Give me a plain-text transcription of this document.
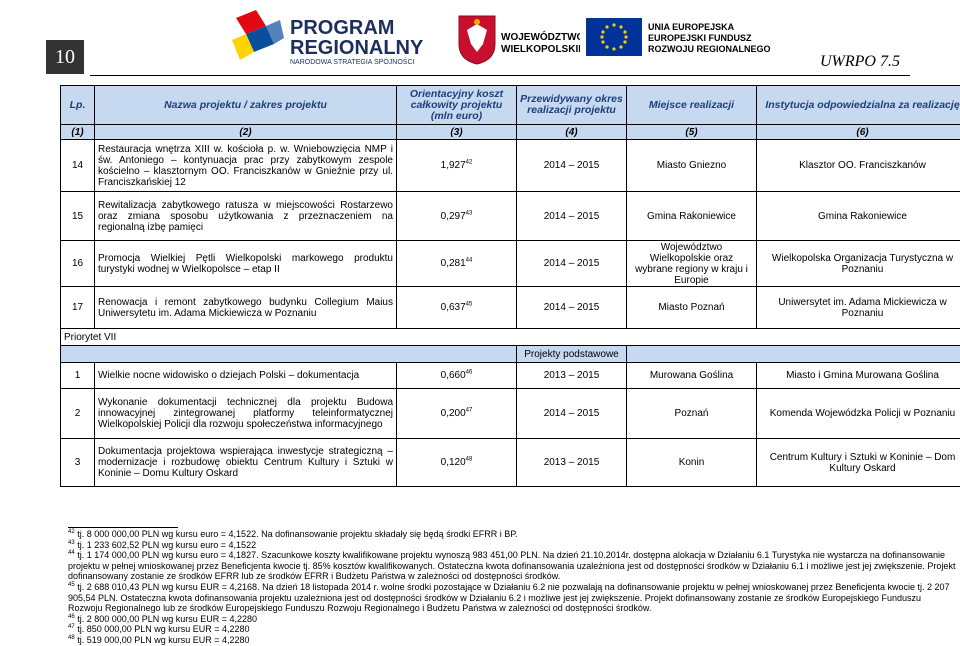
10
PROGRAM
REGIONALNY
NARODOWA STRATEGIA SPÓJNOŚCI
WOJEWÓDZTWO
WIELKOPOLSKIE
UNIA EUROPEJSKA
EUROPEJSKI FUNDUSZ
ROZWOJU REGIONALNEGO
UWRPO 7.5
Lp.	Nazwa projektu / zakres projektu	Orientacyjny koszt całkowity projektu (mln euro)	Przewidywany okres realizacji projektu	Miejsce realizacji	Instytucja odpowiedzialna za realizację
(1)	(2)	(3)	(4)	(5)	(6)
14	Restauracja wnętrza XIII w. kościoła p. w. Wniebowzięcia NMP i św. Antoniego – kontynuacja prac przy zabytkowym zespole kościelno – klasztornym OO. Franciszkanów w Gnieźnie przy ul. Franciszkańskiej 12	1,927$^{42}$	2014 – 2015	Miasto Gniezno	Klasztor OO. Franciszkanów
15	Rewitalizacja zabytkowego ratusza w miejscowości Rostarzewo oraz zmiana sposobu użytkowania z przeznaczeniem na regionalną izbę pamięci	0,297$^{43}$	2014 – 2015	Gmina Rakoniewice	Gmina Rakoniewice
16	Promocja Wielkiej Pętli Wielkopolski markowego produktu turystyki wodnej w Wielkopolsce – etap II	0,281$^{44}$	2014 – 2015	Województwo Wielkopolskie oraz wybrane regiony w kraju i Europie	Wielkopolska Organizacja Turystyczna w Poznaniu
17	Renowacja i remont zabytkowego budynku Collegium Maius Uniwersytetu im. Adama Mickiewicza w Poznaniu	0,637$^{45}$	2014 – 2015	Miasto Poznań	Uniwersytet im. Adama Mickiewicza w Poznaniu
Priorytet VII					
			Projekty podstawowe		
1	Wielkie nocne widowisko o dziejach Polski – dokumentacja	0,660$^{46}$	2013 – 2015	Murowana Goślina	Miasto i Gmina Murowana Goślina
2	Wykonanie dokumentacji technicznej dla projektu Budowa innowacyjnej zintegrowanej platformy teleinformatycznej Wielkopolskiej Policji dla rozwoju społeczeństwa informacyjnego	0,200$^{47}$	2014 – 2015	Poznań	Komenda Wojewódzka Policji w Poznaniu
3	Dokumentacja projektowa wspierająca inwestycje strategiczną – modernizacje i rozbudowę obiektu Centrum Kultury i Sztuki w Koninie – Domu Kultury Oskard	0,120$^{48}$	2013 – 2015	Konin	Centrum Kultury i Sztuki w Koninie – Dom Kultury Oskard

$^{42}$ tj. 8 000 000,00 PLN wg kursu euro = 4,1522. Na dofinansowanie projektu składały się będą środki EFRR i BP.

$^{43}$ tj. 1 233 602,52 PLN wg kursu euro = 4,1522

$^{44}$ tj. 1 174 000,00 PLN wg kursu euro = 4,1827. Szacunkowe koszty kwalifikowane projektu wynoszą 983 451,00 PLN. Na dzień 21.10.2014r. dostępna alokacja w Działaniu 6.1 Turystyka nie wystarcza na dofinansowanie projektu w pełnej wnioskowanej przez Beneficjenta kwocie tj. 85% kosztów kwalifikowanych. Ostateczna kwota dofinansowania uzależniona jest od dostępności środków w Działaniu 6.1 i możliwe jest jej zwiększenie. Projekt dofinansowany zostanie ze środków EFRR lub ze środków EFRR i Budżetu Państwa w zależności od dostępności środków.

$^{45}$ tj. 2 688 010,43 PLN wg kursu EUR = 4,2168. Na dzień 18 listopada 2014 r. wolne środki pozostające w Działaniu 6.2 nie pozwalają na dofinansowanie projektu w pełnej wnioskowanej przez Beneficjenta kwocie tj. 2 207 905,54 PLN. Ostateczna kwota dofinansowania projektu uzależniona jest od dostępności środków w Działaniu 6.2 i możliwe jest jej zwiększenie. Projekt dofinansowany zostanie ze środków Europejskiego Funduszu Rozwoju Regionalnego lub ze środków Europejskiego Funduszu Rozwoju Regionalnego i Budżetu Państwa w zależności od dostępności środków.

$^{46}$ tj. 2 800 000,00 PLN wg kursu EUR = 4,2280

$^{47}$ tj. 850 000,00 PLN wg kursu EUR = 4,2280

$^{48}$ tj. 519 000,00 PLN wg kursu EUR = 4,2280
